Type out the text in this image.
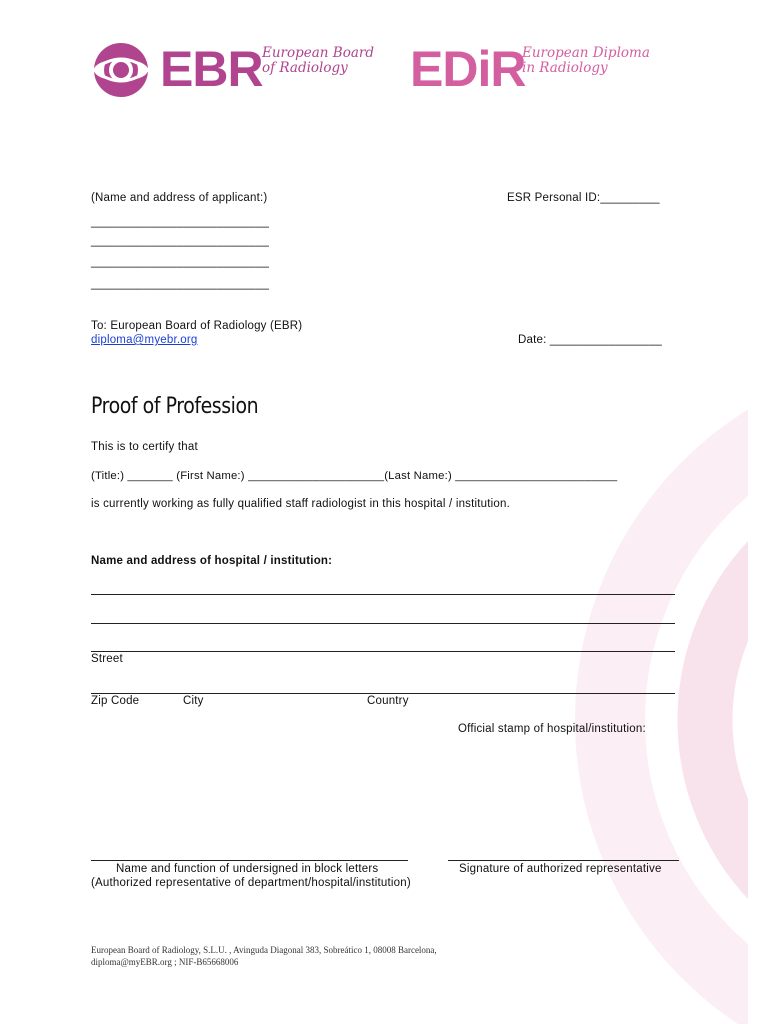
EBR European Board
of Radiology	EDiR
European Diploma
in Radiology
(Name and address of applicant:)	ESR Personal ID:_________
___________________________
___________________________
___________________________
___________________________
To: European Board of Radiology (EBR)
diploma@myebr.org	Date: _________________
Proof of Profession
This is to certify that
(Title:) _______ (First Name:) _____________________(Last Name:) _________________________
is currently working as fully qualified staff radiologist in this hospital / institution.
Name and address of hospital / institution:
Street
Zip Code	City	Country
Official stamp of hospital/institution:
Name and function of undersigned in block letters	Signature of authorized representative
(Authorized representative of department/hospital/institution)
European Board of Radiology, S.L.U. , Avinguda Diagonal 383, Sobreático 1, 08008 Barcelona,
diploma@myEBR.org ; NIF-B65668006
